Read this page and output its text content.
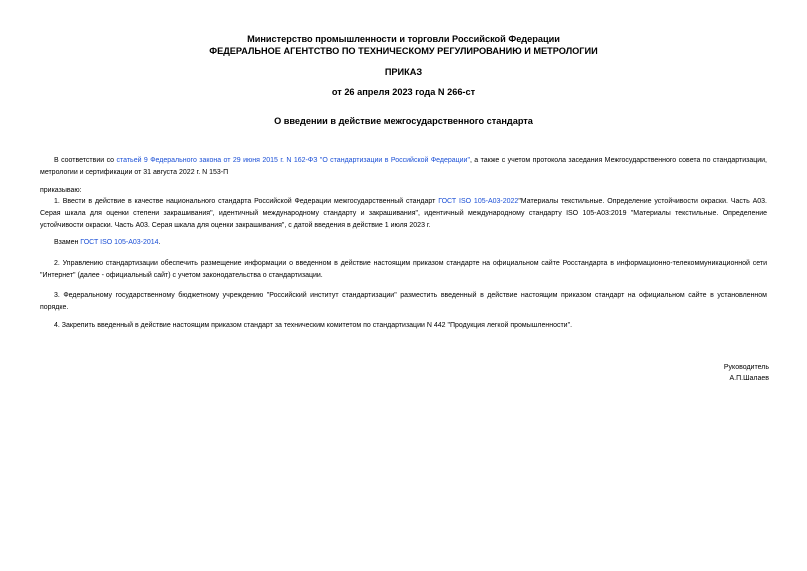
Министерство промышленности и торговли Российской Федерации
ФЕДЕРАЛЬНОЕ АГЕНТСТВО ПО ТЕХНИЧЕСКОМУ РЕГУЛИРОВАНИЮ И МЕТРОЛОГИИ
ПРИКАЗ
от 26 апреля 2023 года N 266-ст
О введении в действие межгосударственного стандарта
В соответствии со статьей 9 Федерального закона от 29 июня 2015 г. N 162-ФЗ "О стандартизации в Российской Федерации", а также с учетом протокола заседания Межгосударственного совета по стандартизации, метрологии и сертификации от 31 августа 2022 г. N 153-П
приказываю:
1. Ввести в действие в качестве национального стандарта Российской Федерации межгосударственный стандарт ГОСТ ISO 105-A03-2022"Материалы текстильные. Определение устойчивости окраски. Часть A03. Серая шкала для оценки степени закрашивания", идентичный международному стандарту и закрашивания", идентичный международному стандарту ISO 105-A03:2019 "Материалы текстильные. Определение устойчивости окраски. Часть A03. Серая шкала для оценки закрашивания", с датой введения в действие 1 июля 2023 г.
Взамен ГОСТ ISO 105-A03-2014.
2. Управлению стандартизации обеспечить размещение информации о введенном в действие настоящим приказом стандарте на официальном сайте Росстандарта в информационно-телекоммуникационной сети "Интернет" (далее - официальный сайт) с учетом законодательства о стандартизации.
3. Федеральному государственному бюджетному учреждению "Российский институт стандартизации" разместить введенный в действие настоящим приказом стандарт на официальном сайте в установленном порядке.
4. Закрепить введенный в действие настоящим приказом стандарт за техническим комитетом по стандартизации N 442 "Продукция легкой промышленности".
Руководитель
А.П.Шалаев
